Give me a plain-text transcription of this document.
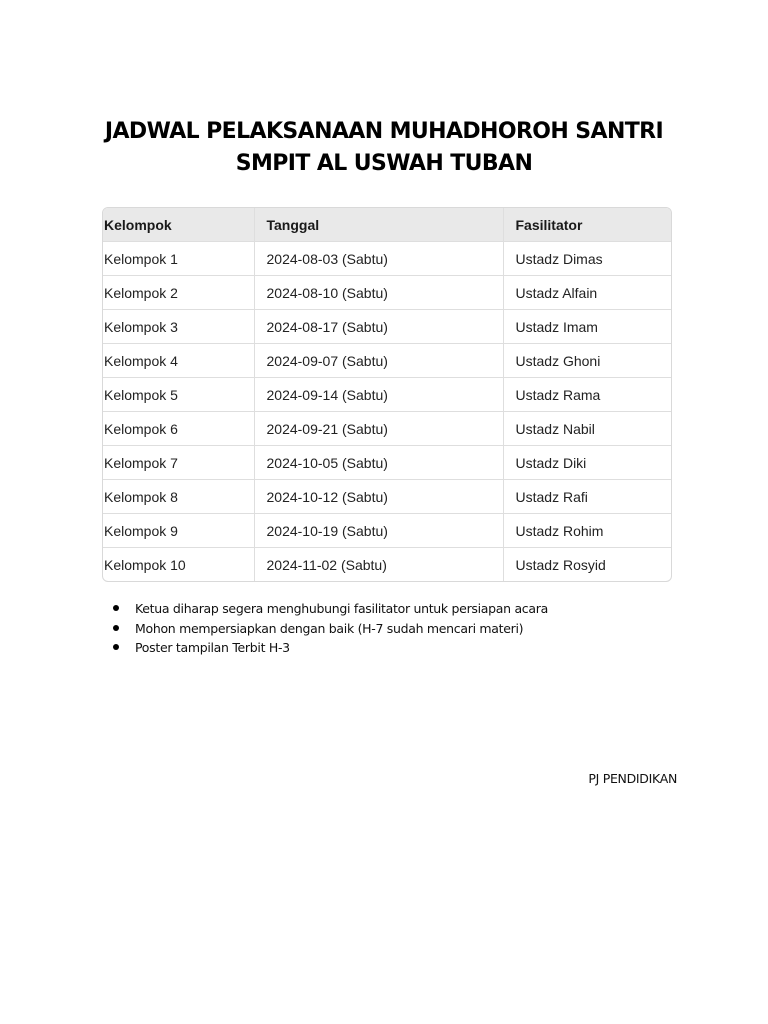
JADWAL PELAKSANAAN MUHADHOROH SANTRI
SMPIT AL USWAH TUBAN
Kelompok	Tanggal	Fasilitator
Kelompok 1	2024-08-03 (Sabtu)	Ustadz Dimas
Kelompok 2	2024-08-10 (Sabtu)	Ustadz Alfain
Kelompok 3	2024-08-17 (Sabtu)	Ustadz Imam
Kelompok 4	2024-09-07 (Sabtu)	Ustadz Ghoni
Kelompok 5	2024-09-14 (Sabtu)	Ustadz Rama
Kelompok 6	2024-09-21 (Sabtu)	Ustadz Nabil
Kelompok 7	2024-10-05 (Sabtu)	Ustadz Diki
Kelompok 8	2024-10-12 (Sabtu)	Ustadz Rafi
Kelompok 9	2024-10-19 (Sabtu)	Ustadz Rohim
Kelompok 10	2024-11-02 (Sabtu)	Ustadz Rosyid
Ketua diharap segera menghubungi fasilitator untuk persiapan acara
Mohon mempersiapkan dengan baik (H-7 sudah mencari materi)
Poster tampilan Terbit H-3
PJ PENDIDIKAN
